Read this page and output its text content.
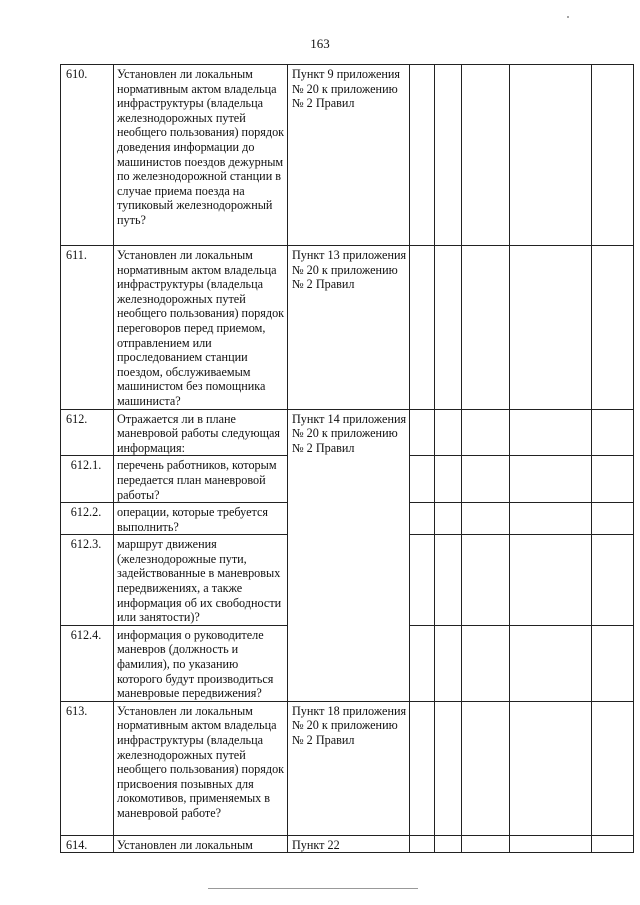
163
610.	Установлен ли локальным нормативным актом владельца инфраструктуры (владельца железнодорожных путей необщего пользования) порядок доведения информации до машинистов поездов дежурным по железнодорожной станции в случае приема поезда на тупиковый железнодорожный путь?	Пункт 9 приложения № 20 к приложению № 2 Правил					
611.	Установлен ли локальным нормативным актом владельца инфраструктуры (владельца железнодорожных путей необщего пользования) порядок переговоров перед приемом, отправлением или проследованием станции поездом, обслуживаемым машинистом без помощника машиниста?	Пункт 13 приложения № 20 к приложению № 2 Правил					
612.	Отражается ли в плане маневровой работы следующая информация:	Пункт 14 приложения № 20 к приложению № 2 Правил					
612.1.	перечень работников, которым передается план маневровой работы?						
612.2.	операции, которые требуется выполнить?						
612.3.	маршрут движения (железнодорожные пути, задействованные в маневровых передвижениях, а также информация об их свободности или занятости)?						
612.4.	информация о руководителе маневров (должность и фамилия), по указанию которого будут производиться маневровые передвижения?						
613.	Установлен ли локальным нормативным актом владельца инфраструктуры (владельца железнодорожных путей необщего пользования) порядок присвоения позывных для локомотивов, применяемых в маневровой работе?	Пункт 18 приложения № 20 к приложению № 2 Правил					
614.	Установлен ли локальным	Пункт 22					
